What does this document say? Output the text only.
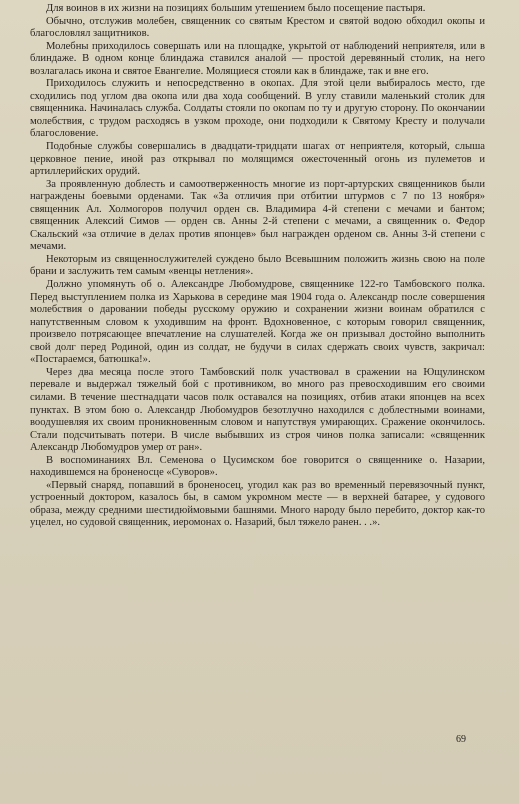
Для воинов в их жизни на позициях большим утешением было посещение пастыря.

Обычно, отслужив молебен, священник со святым Крестом и святой водою обходил окопы и благословлял защитников.

Молебны приходилось совершать или на площадке, укрытой от наблюдений неприятеля, или в блиндаже. В одном конце блиндажа ставился аналой — простой деревянный столик, на него возлагалась икона и святое Евангелие. Молящиеся стояли как в блиндаже, так и вне его.

Приходилось служить и непосредственно в окопах. Для этой цели выбиралось место, где сходились под углом два окопа или два хода сообщений. В углу ставили маленький столик для священника. Начиналась служба. Солдаты стояли по окопам по ту и другую сторону. По окончании молебствия, с трудом расходясь в узком проходе, они подходили к Святому Кресту и получали благословение.

Подобные службы совершались в двадцати-тридцати шагах от неприятеля, который, слыша церковное пение, иной раз открывал по молящимся ожесточенный огонь из пулеметов и артиллерийских орудий.

За проявленную доблесть и самоотверженность многие из порт-артурских священников были награждены боевыми орденами. Так «За отличия при отбитии штурмов с 7 по 13 ноября» священник Ал. Холмогоров получил орден св. Владимира 4-й степени с мечами и бантом; священник Алексий Симов — орден св. Анны 2-й степени с мечами, а священник о. Федор Скальский «за отличие в делах против японцев» был награжден орденом св. Анны 3-й степени с мечами.

Некоторым из священнослужителей суждено было Всевышним положить жизнь свою на поле брани и заслужить тем самым «венцы нетления».

Должно упомянуть об о. Александре Любомудрове, священнике 122-го Тамбовского полка. Перед выступлением полка из Харькова в середине мая 1904 года о. Александр после совершения молебствия о даровании победы русскому оружию и сохранении жизни воинам обратился с напутственным словом к уходившим на фронт. Вдохновенное, с которым говорил священник, произвело потрясающее впечатление на слушателей. Когда же он призывал достойно выполнить свой долг перед Родиной, один из солдат, не будучи в силах сдержать своих чувств, закричал: «Постараемся, батюшка!».

Через два месяца после этого Тамбовский полк участвовал в сражении на Ющулинском перевале и выдержал тяжелый бой с противником, во много раз превосходившим его своими силами. В течение шестнадцати часов полк оставался на позициях, отбив атаки японцев на всех пунктах. В этом бою о. Александр Любомудров безотлучно находился с доблестными воинами, воодушевляя их своим проникновенным словом и напутствуя умирающих. Сражение окончилось. Стали подсчитывать потери. В числе выбывших из строя чинов полка записали: «священник Александр Любомудров умер от ран».

В воспоминаниях Вл. Семенова о Цусимском бое говорится о священнике о. Назарии, находившемся на броненосце «Суворов».

«Первый снаряд, попавший в броненосец, угодил как раз во временный перевязочный пункт, устроенный доктором, казалось бы, в самом укромном месте — в верхней батарее, у судового образа, между средними шестидюймовыми башнями. Много народу было перебито, доктор как-то уцелел, но судовой священник, иеромонах о. Назарий, был тяжело ранен. . .».

69
